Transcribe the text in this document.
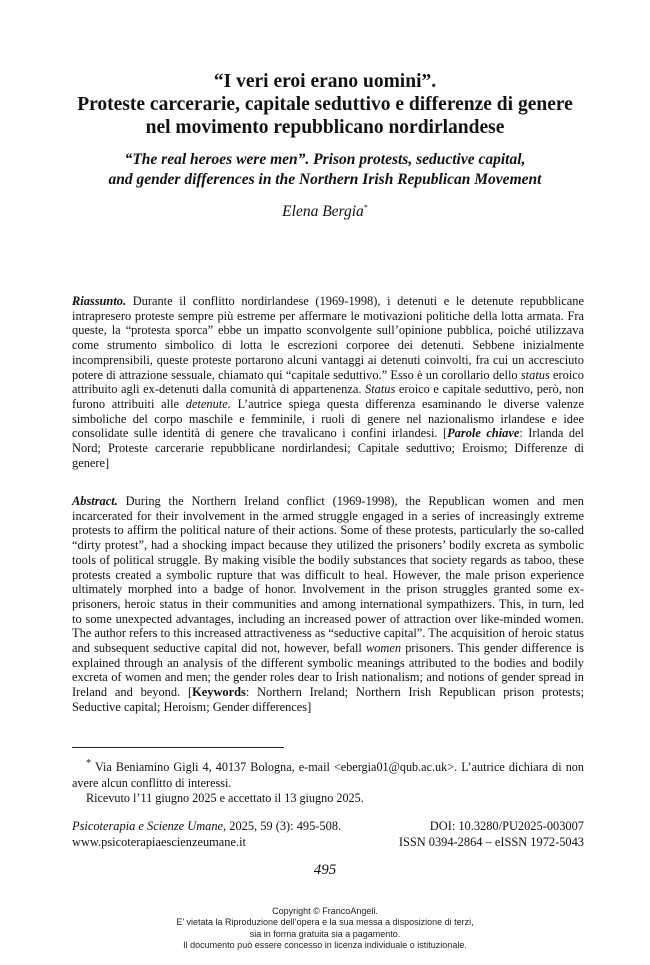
“I veri eroi erano uomini”.
Proteste carcerarie, capitale seduttivo e differenze di genere
nel movimento repubblicano nordirlandese
“The real heroes were men”. Prison protests, seductive capital,
and gender differences in the Northern Irish Republican Movement
Elena Bergia*
Riassunto. Durante il conflitto nordirlandese (1969-1998), i detenuti e le detenute repubblicane intrapresero proteste sempre più estreme per affermare le motivazioni politiche della lotta armata. Fra queste, la “protesta sporca” ebbe un impatto sconvolgente sull’opinione pubblica, poiché utilizzava come strumento simbolico di lotta le escrezioni corporee dei detenuti. Sebbene inizialmente incomprensibili, queste proteste portarono alcuni vantaggi ai detenuti coinvolti, fra cui un accresciuto potere di attrazione sessuale, chiamato qui “capitale seduttivo.” Esso è un corollario dello status eroico attribuito agli ex-detenuti dalla comunità di appartenenza. Status eroico e capitale seduttivo, però, non furono attribuiti alle detenute. L’autrice spiega questa differenza esaminando le diverse valenze simboliche del corpo maschile e femminile, i ruoli di genere nel nazionalismo irlandese e idee consolidate sulle identità di genere che travalicano i confini irlandesi. [Parole chiave: Irlanda del Nord; Proteste carcerarie repubblicane nordirlandesi; Capitale seduttivo; Eroismo; Differenze di genere]
Abstract. During the Northern Ireland conflict (1969-1998), the Republican women and men incarcerated for their involvement in the armed struggle engaged in a series of increasingly extreme protests to affirm the political nature of their actions. Some of these protests, particularly the so-called “dirty protest”, had a shocking impact because they utilized the prisoners’ bodily excreta as symbolic tools of political struggle. By making visible the bodily substances that society regards as taboo, these protests created a symbolic rupture that was difficult to heal. However, the male prison experience ultimately morphed into a badge of honor. Involvement in the prison struggles granted some ex-prisoners, heroic status in their communities and among international sympathizers. This, in turn, led to some unexpected advantages, including an increased power of attraction over like-minded women. The author refers to this increased attractiveness as “seductive capital”. The acquisition of heroic status and subsequent seductive capital did not, however, befall women prisoners. This gender difference is explained through an analysis of the different symbolic meanings attributed to the bodies and bodily excreta of women and men; the gender roles dear to Irish nationalism; and notions of gender spread in Ireland and beyond. [Keywords: Northern Ireland; Northern Irish Republican prison protests; Seductive capital; Heroism; Gender differences]
* Via Beniamino Gigli 4, 40137 Bologna, e-mail <ebergia01@qub.ac.uk>. L’autrice dichiara di non avere alcun conflitto di interessi.
Ricevuto l’11 giugno 2025 e accettato il 13 giugno 2025.
Psicoterapia e Scienze Umane, 2025, 59 (3): 495-508.	DOI: 10.3280/PU2025-003007
www.psicoterapiaescienzeumane.it	ISSN 0394-2864 – eISSN 1972-5043
495
Copyright © FrancoAngeli.
E’ vietata la Riproduzione dell’opera e la sua messa a disposizione di terzi,
sia in forma gratuita sia a pagamento.
Il documento può essere concesso in licenza individuale o istituzionale.
